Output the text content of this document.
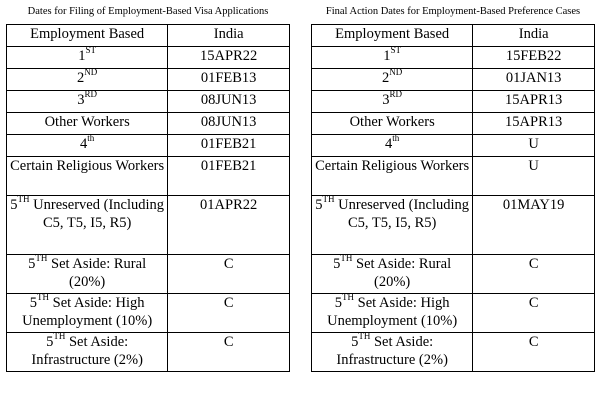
Dates for Filing of Employment-Based Visa Applications
Employment Based	India
1ST	15APR22
2ND	01FEB13
3RD	08JUN13
Other Workers	08JUN13
4th	01FEB21
Certain Religious Workers	01FEB21
5TH Unreserved (Including C5, T5, I5, R5)	01APR22
5TH Set Aside: Rural (20%)	C
5TH Set Aside: High Unemployment (10%)	C
5TH Set Aside: Infrastructure (2%)	C
Final Action Dates for Employment-Based Preference Cases
Employment Based	India
1ST	15FEB22
2ND	01JAN13
3RD	15APR13
Other Workers	15APR13
4th	U
Certain Religious Workers	U
5TH Unreserved (Including C5, T5, I5, R5)	01MAY19
5TH Set Aside: Rural (20%)	C
5TH Set Aside: High Unemployment (10%)	C
5TH Set Aside: Infrastructure (2%)	C
